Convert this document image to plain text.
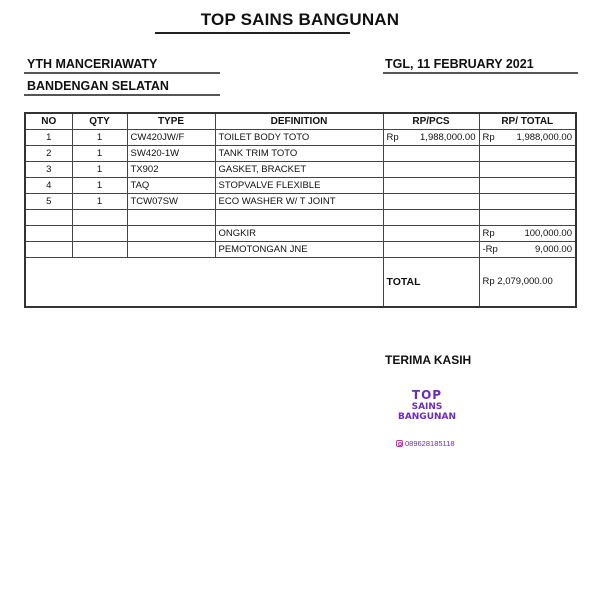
TOP SAINS BANGUNAN
YTH MANCERIAWATY
BANDENGAN SELATAN
TGL, 11 FEBRUARY 2021
NO	QTY	TYPE	DEFINITION	RP/PCS	RP/ TOTAL
1	1	CW420JW/F	TOILET BODY TOTO	Rp 1,988,000.00	Rp 1,988,000.00

2	1	SW420-1W	TANK TRIM TOTO	

3	1	TX902	GASKET, BRACKET	

4	1	TAQ	STOPVALVE FLEXIBLE	

5	1	TCW07SW	ECO WASHER W/ T JOINT	

			ONGKIR		Rp 100,000.00

			PEMOTONGAN JNE		-Rp 9,000.00

				TOTAL	Rp 2,079,000.00
TERIMA KASIH
TOP
SAINS
BANGUNAN
089628185118
